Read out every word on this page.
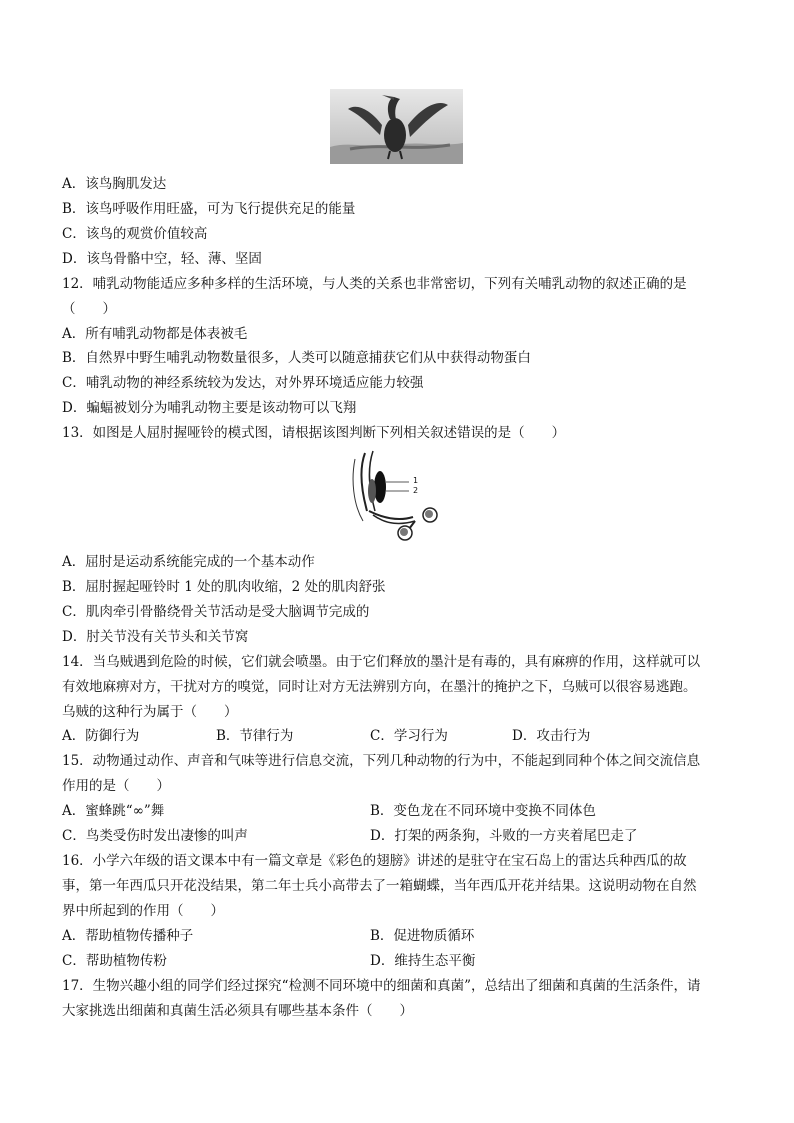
A．该鸟胸肌发达
B．该鸟呼吸作用旺盛，可为飞行提供充足的能量
C．该鸟的观赏价值较高
D．该鸟骨骼中空，轻、薄、坚固
12．哺乳动物能适应多种多样的生活环境，与人类的关系也非常密切，下列有关哺乳动物的叙述正确的是
（　　）
A．所有哺乳动物都是体表被毛
B．自然界中野生哺乳动物数量很多，人类可以随意捕获它们从中获得动物蛋白
C．哺乳动物的神经系统较为发达，对外界环境适应能力较强
D．蝙蝠被划分为哺乳动物主要是该动物可以飞翔
13．如图是人屈肘握哑铃的模式图，请根据该图判断下列相关叙述错误的是（　　）
1
2
A．屈肘是运动系统能完成的一个基本动作
B．屈肘握起哑铃时 1 处的肌肉收缩，2 处的肌肉舒张
C．肌肉牵引骨骼绕骨关节活动是受大脑调节完成的
D．肘关节没有关节头和关节窝
14．当乌贼遇到危险的时候，它们就会喷墨。由于它们释放的墨汁是有毒的，具有麻痹的作用，这样就可以
有效地麻痹对方，干扰对方的嗅觉，同时让对方无法辨别方向，在墨汁的掩护之下，乌贼可以很容易逃跑。
乌贼的这种行为属于（　　）
A．防御行为	B．节律行为	C．学习行为	D．攻击行为
15．动物通过动作、声音和气味等进行信息交流，下列几种动物的行为中，不能起到同种个体之间交流信息
作用的是（　　）
A．蜜蜂跳“∞”舞	B．变色龙在不同环境中变换不同体色
C．鸟类受伤时发出凄惨的叫声	D．打架的两条狗，斗败的一方夹着尾巴走了
16．小学六年级的语文课本中有一篇文章是《彩色的翅膀》讲述的是驻守在宝石岛上的雷达兵种西瓜的故
事，第一年西瓜只开花没结果，第二年士兵小高带去了一箱蝴蝶，当年西瓜开花并结果。这说明动物在自然
界中所起到的作用（　　）
A．帮助植物传播种子	B．促进物质循环
C．帮助植物传粉	D．维持生态平衡
17．生物兴趣小组的同学们经过探究“检测不同环境中的细菌和真菌”，总结出了细菌和真菌的生活条件，请
大家挑选出细菌和真菌生活必须具有哪些基本条件（　　）
